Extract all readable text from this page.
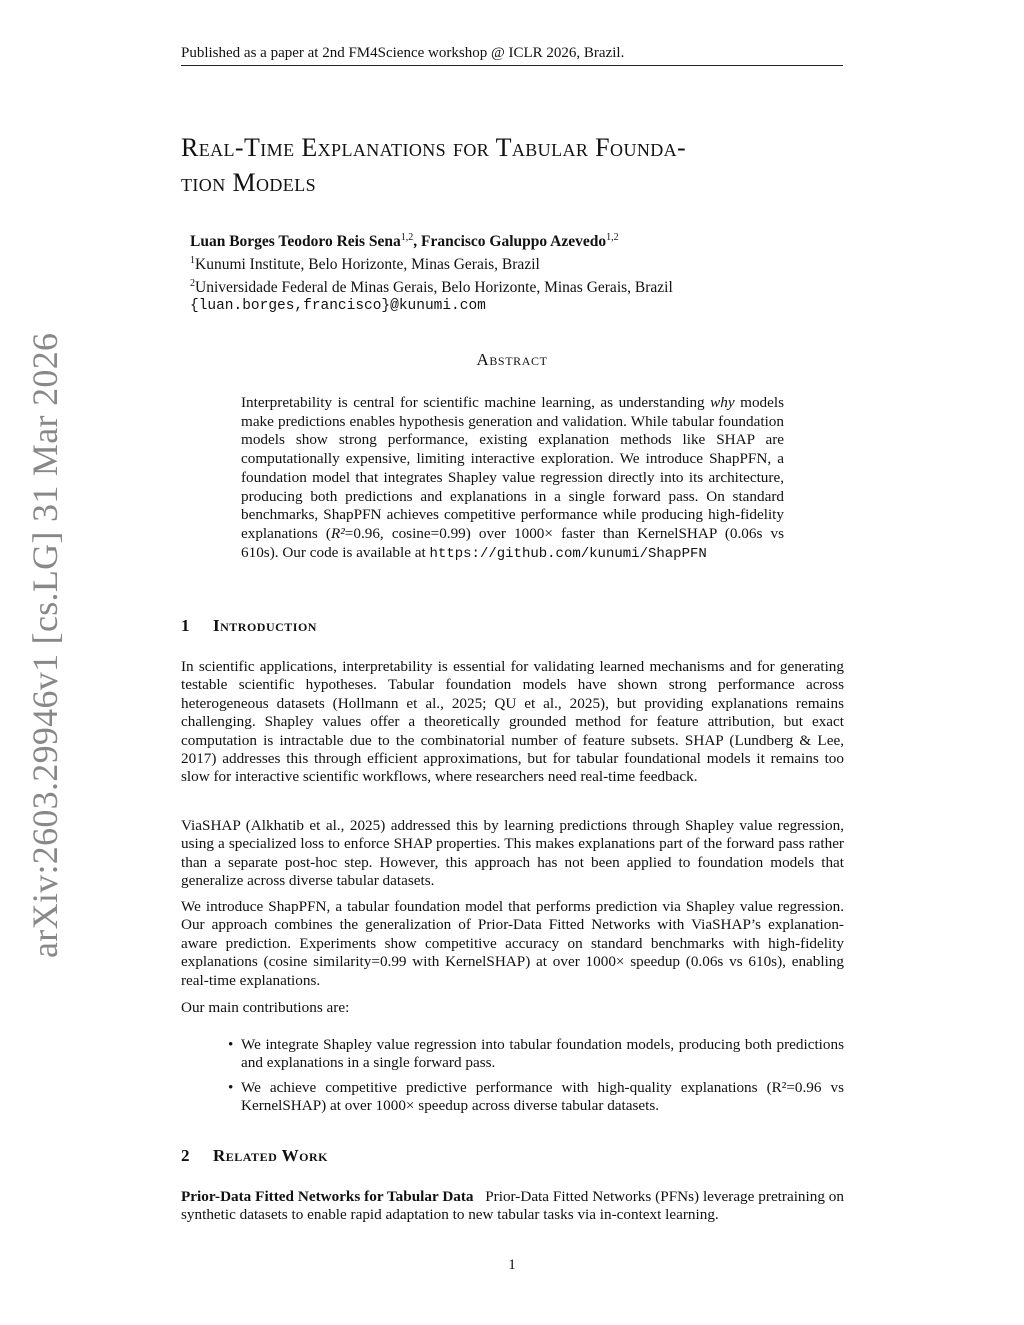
Published as a paper at 2nd FM4Science workshop @ ICLR 2026, Brazil.
Real-Time Explanations for Tabular Founda-
tion Models
Luan Borges Teodoro Reis Sena$^{1,2}$, Francisco Galuppo Azevedo$^{1,2}$
$^1$Kunumi Institute, Belo Horizonte, Minas Gerais, Brazil
$^2$Universidade Federal de Minas Gerais, Belo Horizonte, Minas Gerais, Brazil
{luan.borges,francisco}@kunumi.com
Abstract

Interpretability is central for scientific machine learning, as understanding why models make predictions enables hypothesis generation and validation. While tabular foundation models show strong performance, existing explanation methods like SHAP are computationally expensive, limiting interactive exploration. We introduce ShapPFN, a foundation model that integrates Shapley value regression directly into its architecture, producing both predictions and explanations in a single forward pass. On standard benchmarks, ShapPFN achieves competitive performance while producing high-fidelity explanations (R²=0.96, cosine=0.99) over 1000× faster than KernelSHAP (0.06s vs 610s). Our code is available at https://github.com/kunumi/ShapPFN

1 Introduction

In scientific applications, interpretability is essential for validating learned mechanisms and for generating testable scientific hypotheses. Tabular foundation models have shown strong performance across heterogeneous datasets (Hollmann et al., 2025; QU et al., 2025), but providing explanations remains challenging. Shapley values offer a theoretically grounded method for feature attribution, but exact computation is intractable due to the combinatorial number of feature subsets. SHAP (Lundberg & Lee, 2017) addresses this through efficient approximations, but for tabular foundational models it remains too slow for interactive scientific workflows, where researchers need real-time feedback.

ViaSHAP (Alkhatib et al., 2025) addressed this by learning predictions through Shapley value regression, using a specialized loss to enforce SHAP properties. This makes explanations part of the forward pass rather than a separate post-hoc step. However, this approach has not been applied to foundation models that generalize across diverse tabular datasets.

We introduce ShapPFN, a tabular foundation model that performs prediction via Shapley value regression. Our approach combines the generalization of Prior-Data Fitted Networks with ViaSHAP’s explanation-aware prediction. Experiments show competitive accuracy on standard benchmarks with high-fidelity explanations (cosine similarity=0.99 with KernelSHAP) at over 1000× speedup (0.06s vs 610s), enabling real-time explanations.

Our main contributions are:

• We integrate Shapley value regression into tabular foundation models, producing both predictions and explanations in a single forward pass.
• We achieve competitive predictive performance with high-quality explanations (R²=0.96 vs KernelSHAP) at over 1000× speedup across diverse tabular datasets.
2 Related Work

Prior-Data Fitted Networks for Tabular Data Prior-Data Fitted Networks (PFNs) leverage pretraining on synthetic datasets to enable rapid adaptation to new tabular tasks via in-context learning.

arXiv:2603.29946v1 [cs.LG] 31 Mar 2026
1
